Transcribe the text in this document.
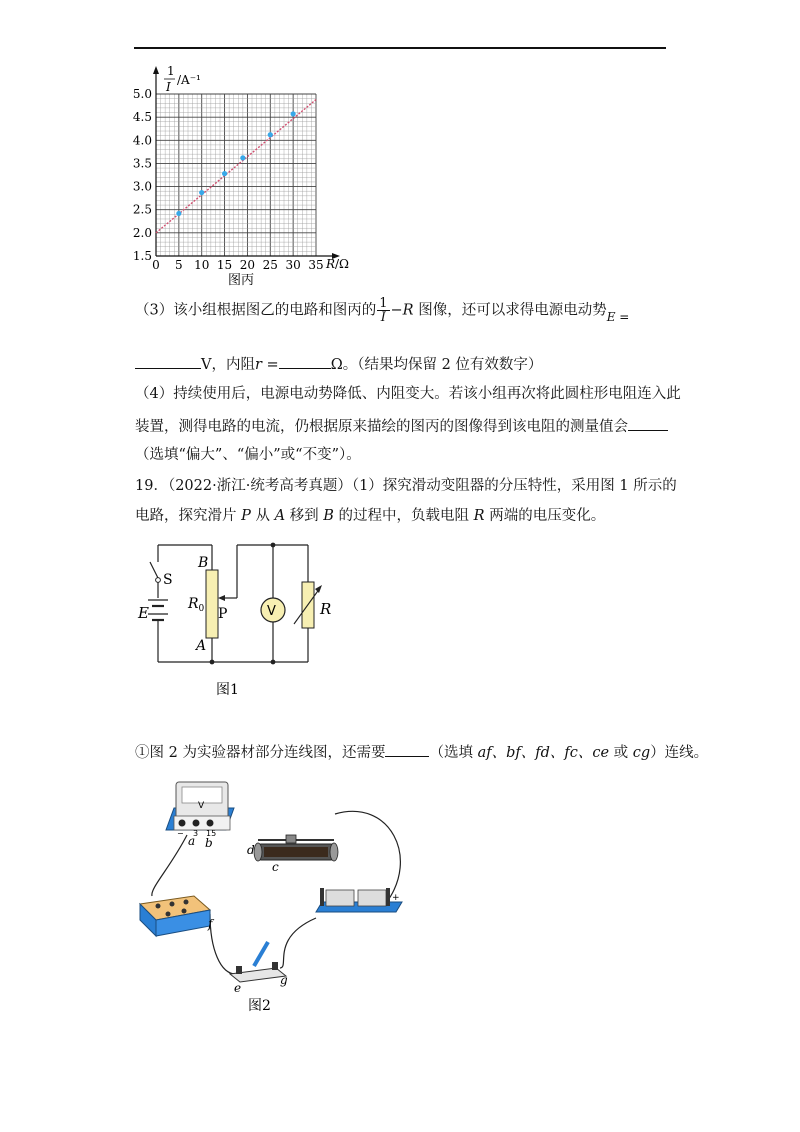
0 5 10 15 20 25 30 35
1.5
2.0
2.5
3.0
3.5
4.0
4.5
5.0
1
I /A⁻¹
R /Ω
图丙
（3）该小组根据图乙的电路和图丙的 $\frac{1}{I} -R$ 图像，还可以求得电源电动势$_{E =}$
V，内阻r =	Ω。（结果均保留 2 位有效数字）
（4）持续使用后，电源电动势降低、内阻变大。若该小组再次将此圆柱形电阻连入此
装置，测得电路的电流，仍根据原来描绘的图丙的图像得到该电阻的测量值会
（选填“偏大”、“偏小”或“不变”）。
19．（2022·浙江·统考高考真题）（1）探究滑动变阻器的分压特性，采用图 1 所示的
电路，探究滑片 P 从 A 移到 B 的过程中，负载电阻 R 两端的电压变化。
S
E
B
A
$R_0$ P	V	R
图1
①图 2 为实验器材部分连线图，还需要	（选填 af、bf、fd、fc、ce 或 cg）连线。
V
− 3 15
a b	d
c
+
f
e
g
图2
